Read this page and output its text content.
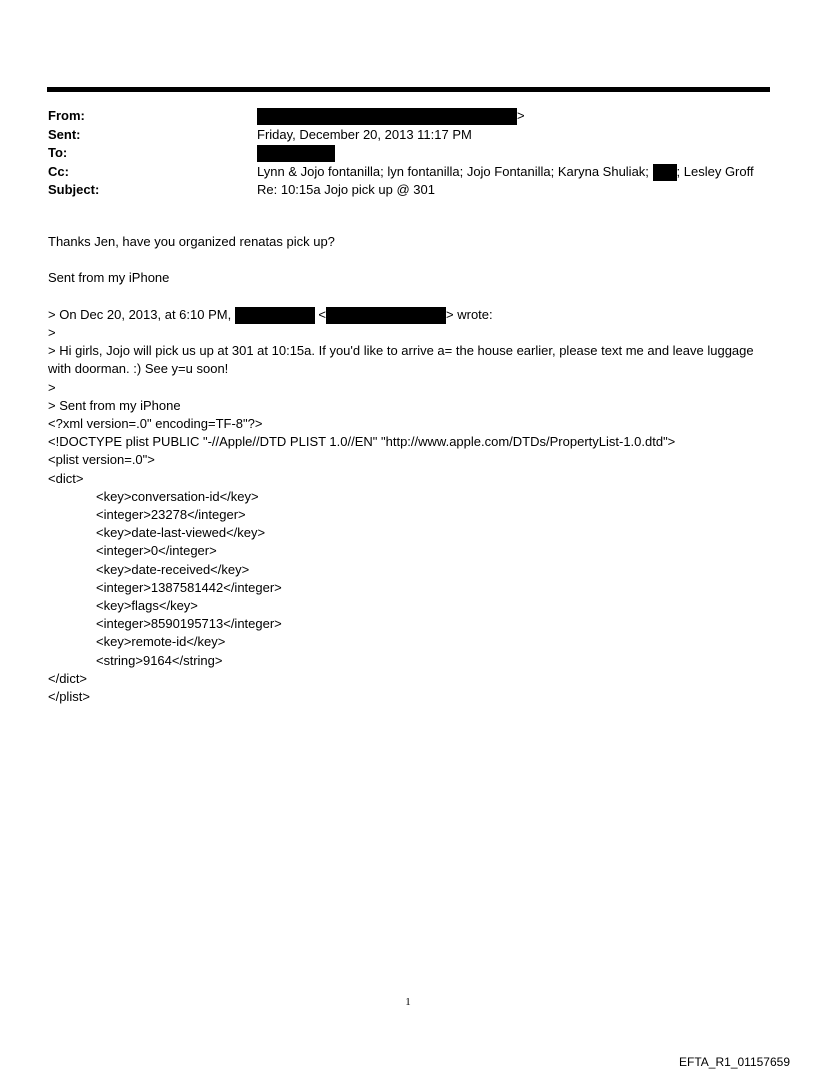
From:	>
Sent:	Friday, December 20, 2013 11:17 PM
To:
Cc:	Lynn & Jojo fontanilla; lyn fontanilla; Jojo Fontanilla; Karyna Shuliak; ; Lesley Groff
Subject:	Re: 10:15a Jojo pick up @ 301
Thanks Jen, have you organized renatas pick up?
Sent from my iPhone
> On Dec 20, 2013, at 6:10 PM,	<	> wrote:
>
> Hi girls, Jojo will pick us up at 301 at 10:15a. If you'd like to arrive a= the house earlier, please text me and leave luggage with doorman. :) See y=u soon!
>
> Sent from my iPhone
<?xml version=.0" encoding=TF-8"?>
<!DOCTYPE plist PUBLIC "-//Apple//DTD PLIST 1.0//EN" "http://www.apple.com/DTDs/PropertyList-1.0.dtd">
<plist version=.0">
<dict>
<key>conversation-id</key>
<integer>23278</integer>
<key>date-last-viewed</key>
<integer>0</integer>
<key>date-received</key>
<integer>1387581442</integer>
<key>flags</key>
<integer>8590195713</integer>
<key>remote-id</key>
<string>9164</string>
</dict>
</plist>
1
EFTA_R1_01157659
